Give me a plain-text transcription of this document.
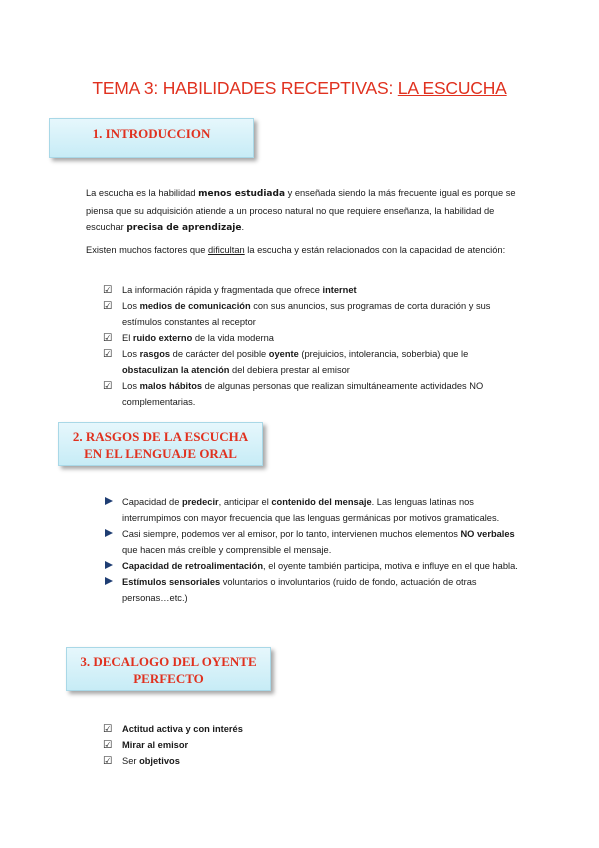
TEMA 3: HABILIDADES RECEPTIVAS: LA ESCUCHA
1. INTRODUCCION
La escucha es la habilidad menos estudiada y enseñada siendo la más frecuente igual es porque se piensa que su adquisición atiende a un proceso natural no que requiere enseñanza, la habilidad de escuchar precisa de aprendizaje.
Existen muchos factores que dificultan la escucha y están relacionados con la capacidad de atención:
☑ La información rápida y fragmentada que ofrece internet
☑ Los medios de comunicación con sus anuncios, sus programas de corta duración y sus estímulos constantes al receptor
☑ El ruido externo de la vida moderna
☑ Los rasgos de carácter del posible oyente (prejuicios, intolerancia, soberbia) que le obstaculizan la atención del debiera prestar al emisor
☑ Los malos hábitos de algunas personas que realizan simultáneamente actividades NO complementarias.
2. RASGOS DE LA ESCUCHA
EN EL LENGUAJE ORAL
Capacidad de predecir, anticipar el contenido del mensaje. Las lenguas latinas nos interrumpimos con mayor frecuencia que las lenguas germánicas por motivos gramaticales.
Casi siempre, podemos ver al emisor, por lo tanto, intervienen muchos elementos NO verbales que hacen más creíble y comprensible el mensaje.
Capacidad de retroalimentación, el oyente también participa, motiva e influye en el que habla.
Estímulos sensoriales voluntarios o involuntarios (ruido de fondo, actuación de otras personas…etc.)
3. DECALOGO DEL OYENTE
PERFECTO
☑ Actitud activa y con interés
☑ Mirar al emisor
☑ Ser objetivos
